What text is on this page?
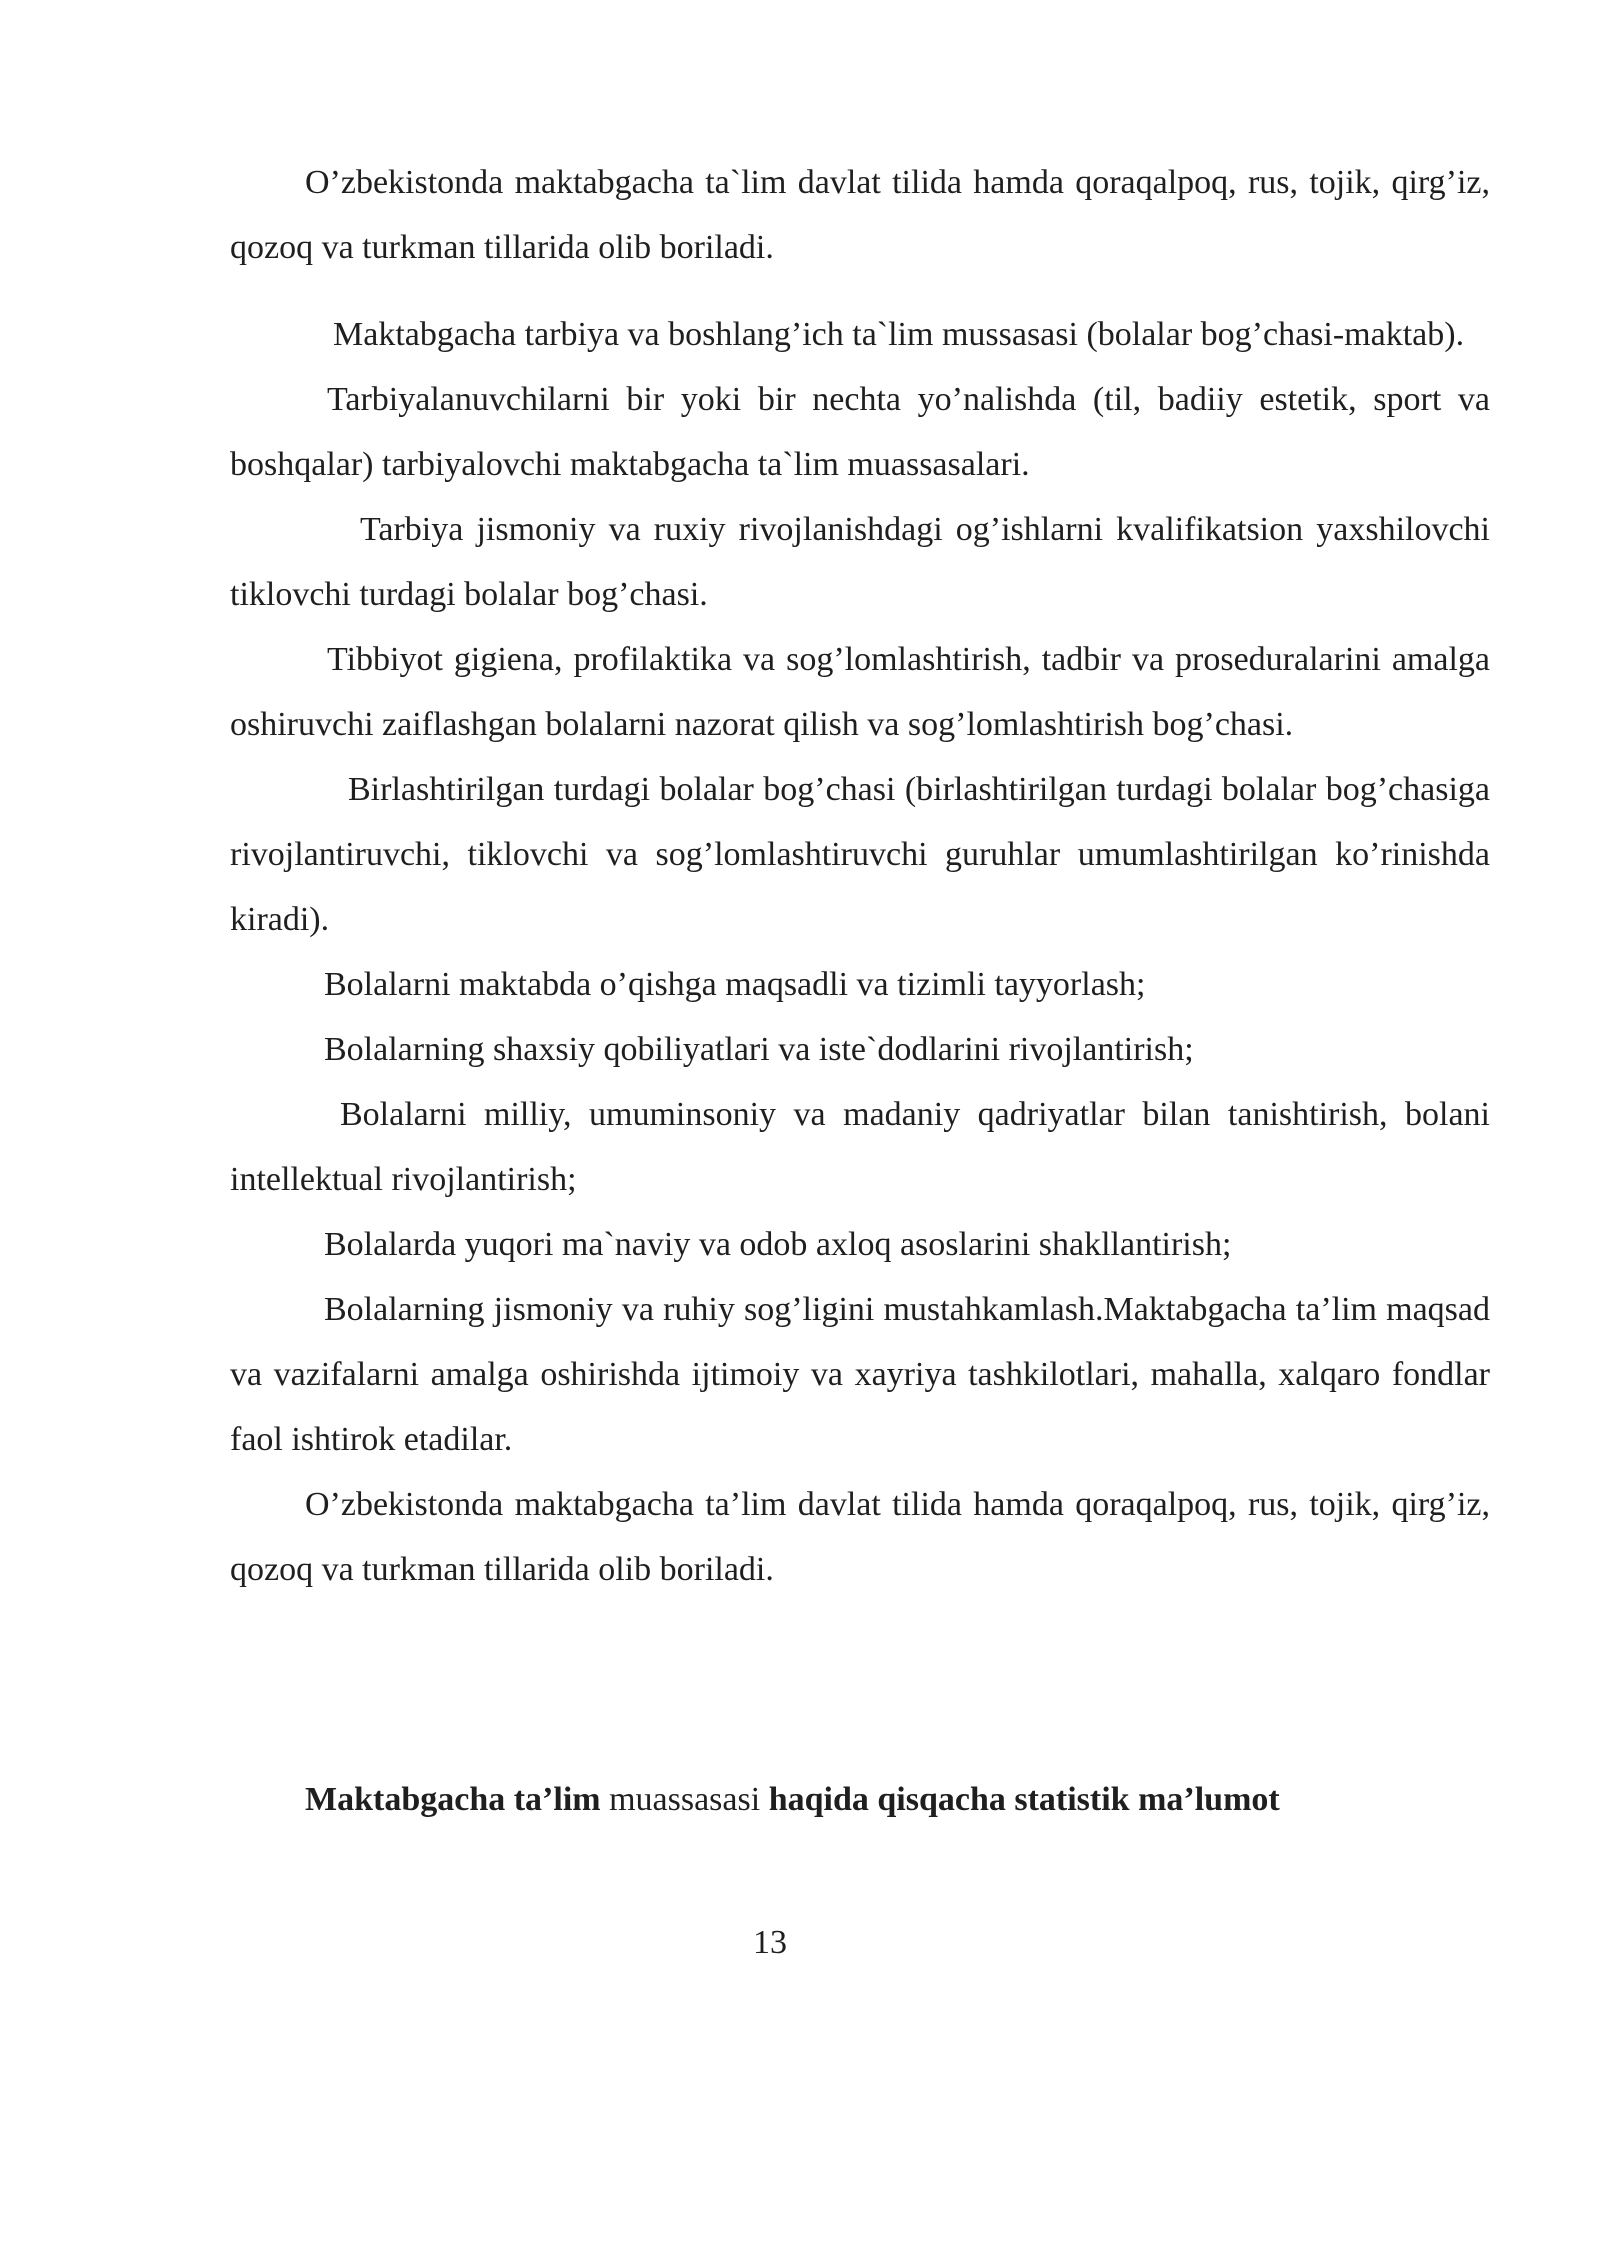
O’zbekistonda maktabgacha ta`lim davlat tilida hamda qoraqalpoq, rus, tojik, qirg’iz, qozoq va turkman tillarida olib boriladi.

Maktabgacha tarbiya va boshlang’ich ta`lim mussasasi (bolalar bog’chasi-maktab).

Tarbiyalanuvchilarni bir yoki bir nechta yo’nalishda (til, badiiy estetik, sport va boshqalar) tarbiyalovchi maktabgacha ta`lim muassasalari.

Tarbiya jismoniy va ruxiy rivojlanishdagi og’ishlarni kvalifikatsion yaxshilovchi tiklovchi turdagi bolalar bog’chasi.

Tibbiyot gigiena, profilaktika va sog’lomlashtirish, tadbir va proseduralarini amalga oshiruvchi zaiflashgan bolalarni nazorat qilish va sog’lomlashtirish bog’chasi.

Birlashtirilgan turdagi bolalar bog’chasi (birlashtirilgan turdagi bolalar bog’chasiga rivojlantiruvchi, tiklovchi va sog’lomlashtiruvchi guruhlar umumlashtirilgan ko’rinishda kiradi).

Bolalarni maktabda o’qishga maqsadli va tizimli tayyorlash;

Bolalarning shaxsiy qobiliyatlari va iste`dodlarini rivojlantirish;

Bolalarni milliy, umuminsoniy va madaniy qadriyatlar bilan tanishtirish, bolani intellektual rivojlantirish;

Bolalarda yuqori ma`naviy va odob axloq asoslarini shakllantirish;

Bolalarning jismoniy va ruhiy sog’ligini mustahkamlash.Maktabgacha ta’lim maqsad va vazifalarni amalga oshirishda ijtimoiy va xayriya tashkilotlari, mahalla, xalqaro fondlar faol ishtirok etadilar.

O’zbekistonda maktabgacha ta’lim davlat tilida hamda qoraqalpoq, rus, tojik, qirg’iz, qozoq va turkman tillarida olib boriladi.

Maktabgacha ta’lim muassasasi haqida qisqacha statistik ma’lumot

13
